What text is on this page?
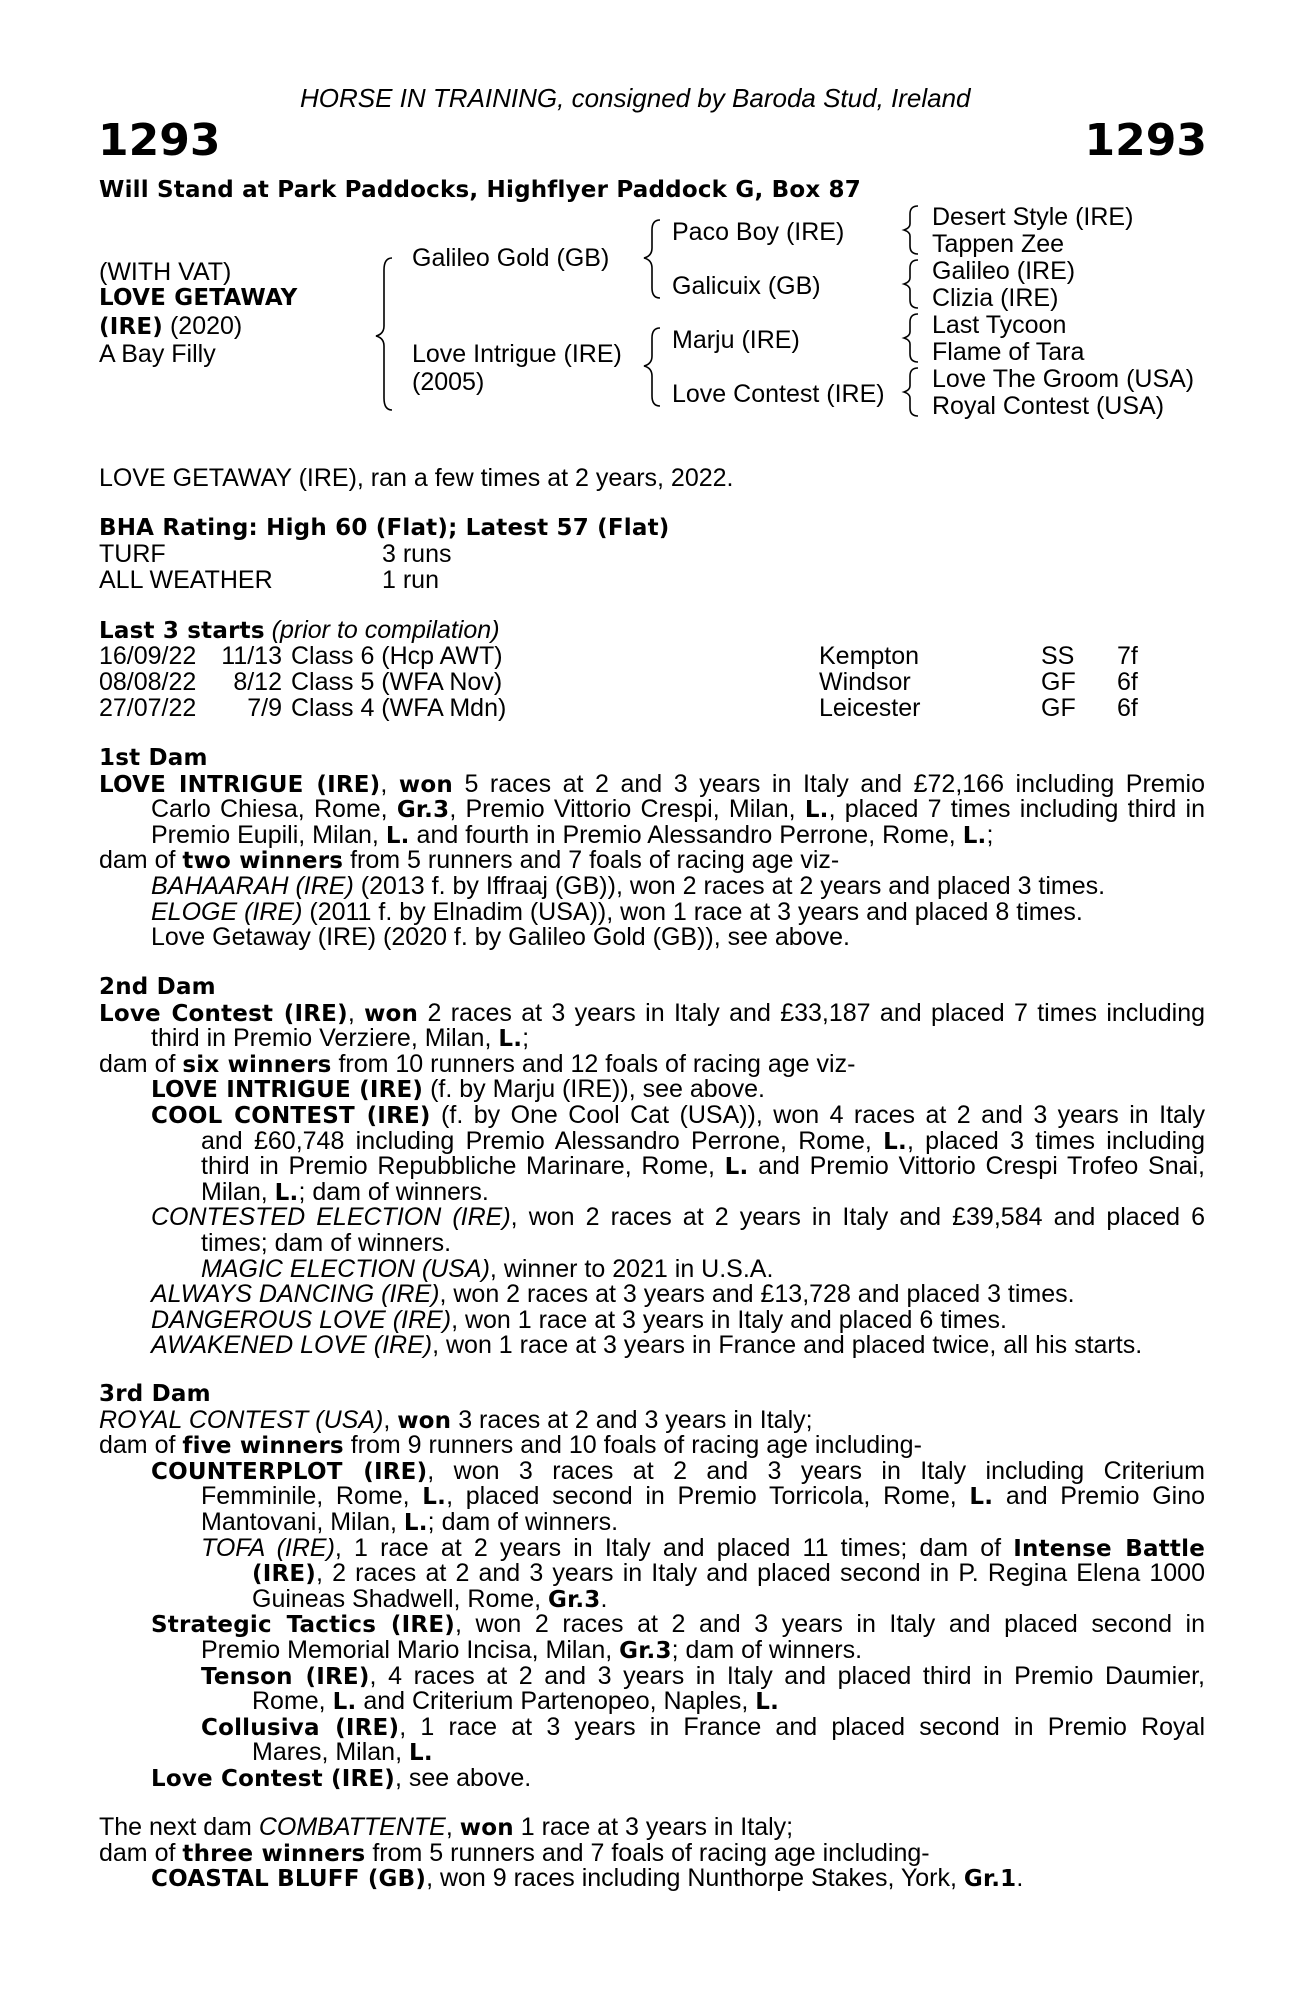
HORSE IN TRAINING, consigned by Baroda Stud, Ireland
1293	1293
Will Stand at Park Paddocks, Highflyer Paddock G, Box 87
(WITH VAT)
LOVE GETAWAY
(IRE) (2020)
A Bay Filly
Galileo Gold (GB)
Love Intrigue (IRE)
(2005)
Paco Boy (IRE)
Galicuix (GB)
Marju (IRE)
Love Contest (IRE)
Desert Style (IRE)
Tappen Zee
Galileo (IRE)
Clizia (IRE)
Last Tycoon
Flame of Tara
Love The Groom (USA)
Royal Contest (USA)
LOVE GETAWAY (IRE), ran a few times at 2 years, 2022.
BHA Rating: High 60 (Flat); Latest 57 (Flat)
TURF	3 runs
ALL WEATHER	1 run
Last 3 starts (prior to compilation)
16/09/22 11/13 Class 6 (Hcp AWT)	Kempton	SS 7f
08/08/22	8/12 Class 5 (WFA Nov)	Windsor	GF 6f
27/07/22	7/9 Class 4 (WFA Mdn)	Leicester	GF 6f
1st Dam
LOVE INTRIGUE (IRE), won 5 races at 2 and 3 years in Italy and £72,166 including Premio
Carlo Chiesa, Rome, Gr.3, Premio Vittorio Crespi, Milan, L., placed 7 times including third in
Premio Eupili, Milan, L. and fourth in Premio Alessandro Perrone, Rome, L.;
dam of two winners from 5 runners and 7 foals of racing age viz-
BAHAARAH (IRE) (2013 f. by Iffraaj (GB)), won 2 races at 2 years and placed 3 times.
ELOGE (IRE) (2011 f. by Elnadim (USA)), won 1 race at 3 years and placed 8 times.
Love Getaway (IRE) (2020 f. by Galileo Gold (GB)), see above.
2nd Dam
Love Contest (IRE), won 2 races at 3 years in Italy and £33,187 and placed 7 times including
third in Premio Verziere, Milan, L.;
dam of six winners from 10 runners and 12 foals of racing age viz-
LOVE INTRIGUE (IRE) (f. by Marju (IRE)), see above.
COOL CONTEST (IRE) (f. by One Cool Cat (USA)), won 4 races at 2 and 3 years in Italy
and £60,748 including Premio Alessandro Perrone, Rome, L., placed 3 times including
third in Premio Repubbliche Marinare, Rome, L. and Premio Vittorio Crespi Trofeo Snai,
Milan, L.; dam of winners.
CONTESTED ELECTION (IRE), won 2 races at 2 years in Italy and £39,584 and placed 6
times; dam of winners.
MAGIC ELECTION (USA), winner to 2021 in U.S.A.
ALWAYS DANCING (IRE), won 2 races at 3 years and £13,728 and placed 3 times.
DANGEROUS LOVE (IRE), won 1 race at 3 years in Italy and placed 6 times.
AWAKENED LOVE (IRE), won 1 race at 3 years in France and placed twice, all his starts.
3rd Dam
ROYAL CONTEST (USA), won 3 races at 2 and 3 years in Italy;
dam of five winners from 9 runners and 10 foals of racing age including-
COUNTERPLOT (IRE), won 3 races at 2 and 3 years in Italy including Criterium
Femminile, Rome, L., placed second in Premio Torricola, Rome, L. and Premio Gino
Mantovani, Milan, L.; dam of winners.
TOFA (IRE), 1 race at 2 years in Italy and placed 11 times; dam of Intense Battle
(IRE), 2 races at 2 and 3 years in Italy and placed second in P. Regina Elena 1000
Guineas Shadwell, Rome, Gr.3.
Strategic Tactics (IRE), won 2 races at 2 and 3 years in Italy and placed second in
Premio Memorial Mario Incisa, Milan, Gr.3; dam of winners.
Tenson (IRE), 4 races at 2 and 3 years in Italy and placed third in Premio Daumier,
Rome, L. and Criterium Partenopeo, Naples, L.
Collusiva (IRE), 1 race at 3 years in France and placed second in Premio Royal
Mares, Milan, L.
Love Contest (IRE), see above.
The next dam COMBATTENTE, won 1 race at 3 years in Italy;
dam of three winners from 5 runners and 7 foals of racing age including-
COASTAL BLUFF (GB), won 9 races including Nunthorpe Stakes, York, Gr.1.
